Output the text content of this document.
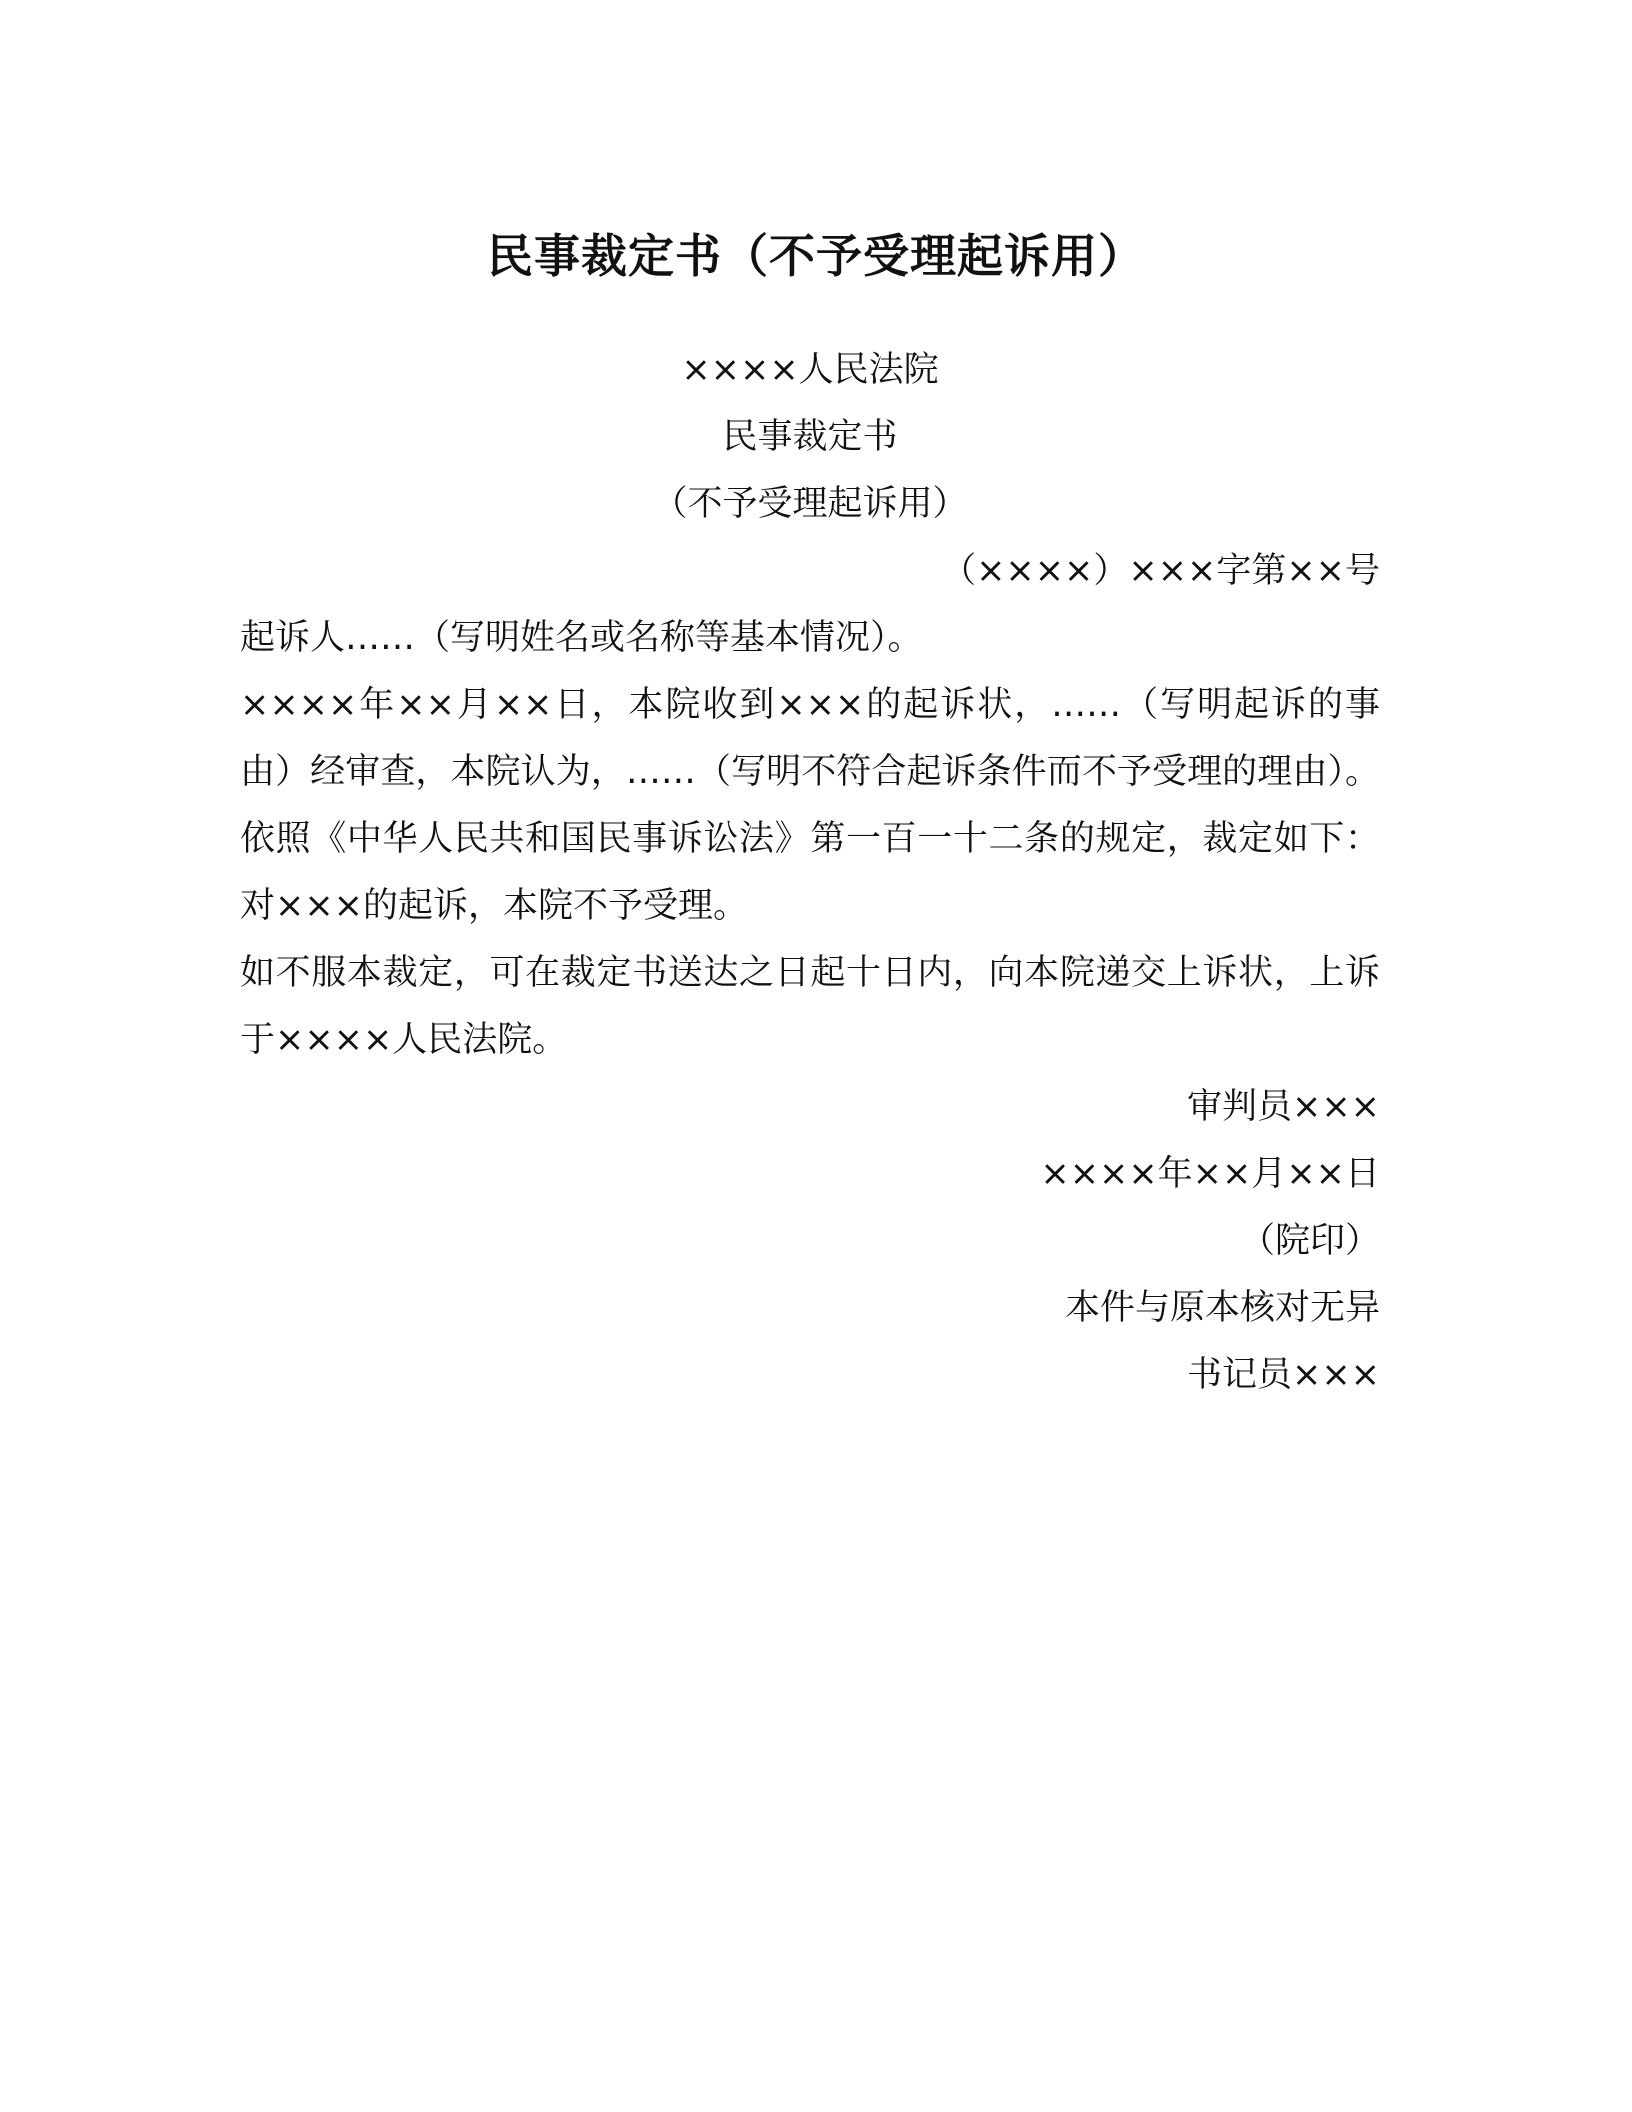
民事裁定书（不予受理起诉用）

××××人民法院

民事裁定书

（不予受理起诉用）

（××××）×××字第××号

起诉人……（写明姓名或名称等基本情况）。

××××年××月××日，本院收到×××的起诉状，……（写明起诉的事由）经审查，本院认为，……（写明不符合起诉条件而不予受理的理由）。依照《中华人民共和国民事诉讼法》第一百一十二条的规定，裁定如下：对×××的起诉，本院不予受理。

如不服本裁定，可在裁定书送达之日起十日内，向本院递交上诉状，上诉于××××人民法院。

审判员×××

××××年××月××日

（院印）

本件与原本核对无异

书记员×××
